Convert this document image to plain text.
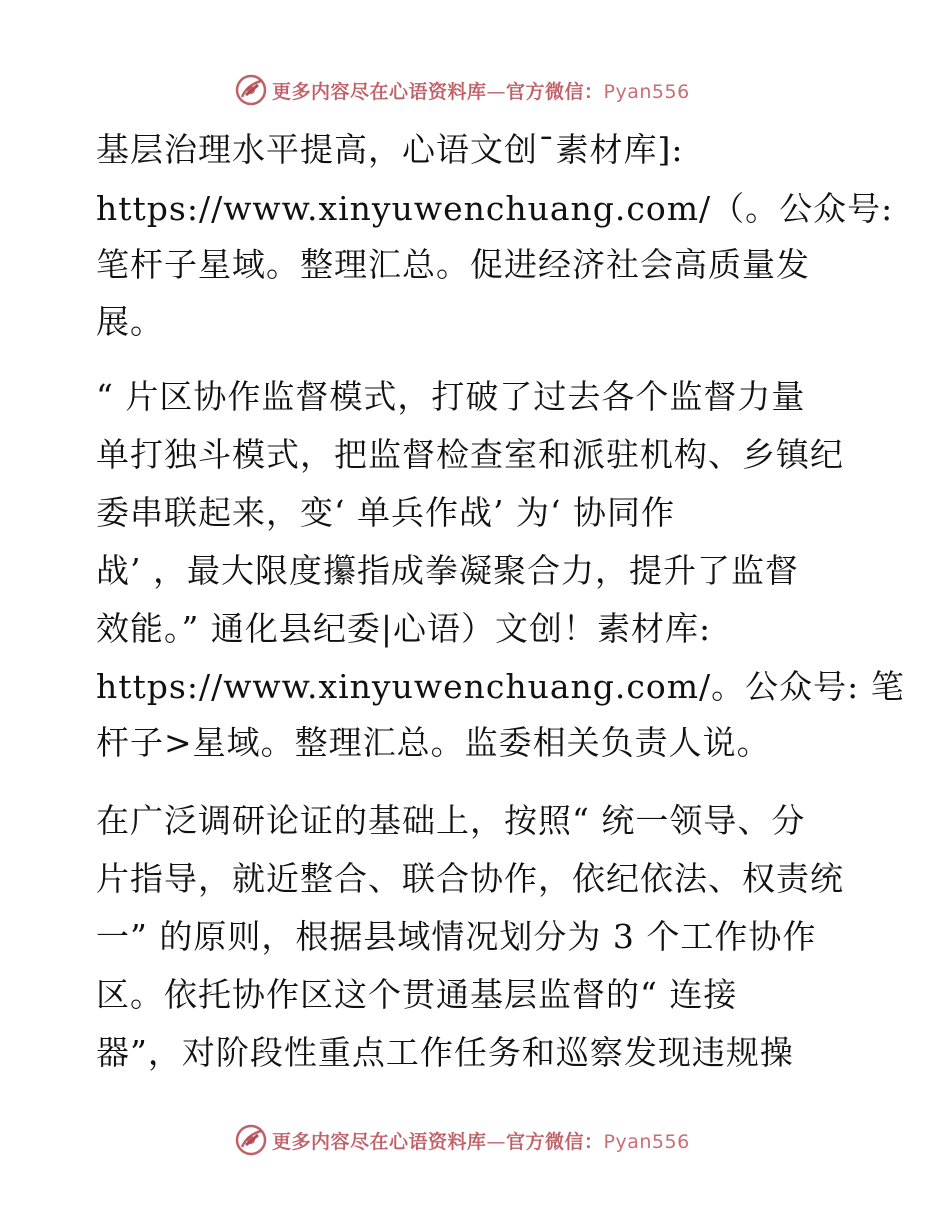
更多内容尽在心语资料库—官方微信：Pyan556
基层治理水平提高，心语文创¯素材库]:
https://www.xinyuwenchuang.com/（。公众号:
笔杆子星域。整理汇总。促进经济社会高质量发
展。
“ 片区协作监督模式，打破了过去各个监督力量
单打独斗模式，把监督检查室和派驻机构、乡镇纪
委串联起来，变‘ 单兵作战’ 为‘ 协同作
战’ ，最大限度攥指成拳凝聚合力，提升了监督
效能。” 通化县纪委|心语）文创！素材库:
https://www.xinyuwenchuang.com/。公众号: 笔
杆子>星域。整理汇总。监委相关负责人说。
在广泛调研论证的基础上，按照“ 统一领导、分
片指导，就近整合、联合协作，依纪依法、权责统
一” 的原则，根据县域情况划分为 3 个工作协作
区。依托协作区这个贯通基层监督的“ 连接
器”，对阶段性重点工作任务和巡察发现违规操
更多内容尽在心语资料库—官方微信：Pyan556
